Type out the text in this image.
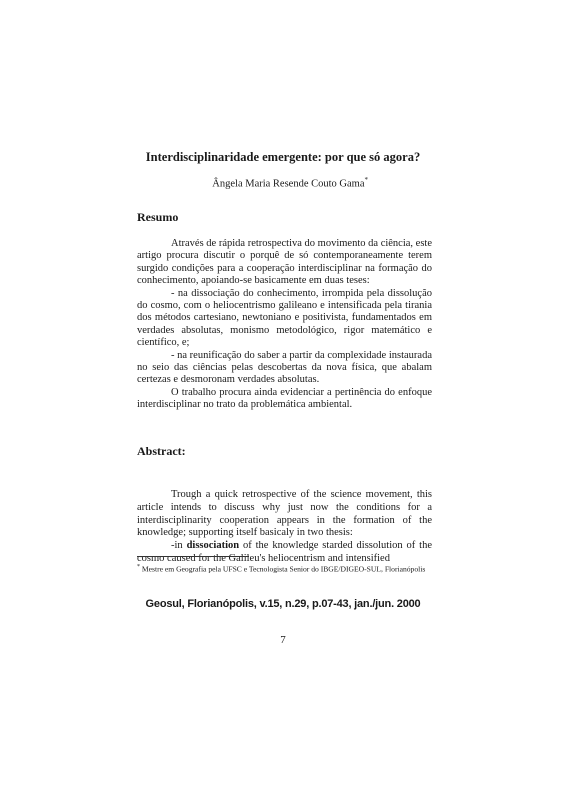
Interdisciplinaridade emergente: por que só agora?
Ângela Maria Resende Couto Gama*
Resumo

Através de rápida retrospectiva do movimento da ciência, este artigo procura discutir o porquê de só contemporaneamente terem surgido condições para a cooperação interdisciplinar na formação do conhecimento, apoiando-se basicamente em duas teses:

- na dissociação do conhecimento, irrompida pela dissolução do cosmo, com o heliocentrismo galileano e intensificada pela tirania dos métodos cartesiano, newtoniano e positivista, fundamentados em verdades absolutas, monismo metodológico, rigor matemático e científico, e;

- na reunificação do saber a partir da complexidade instaurada no seio das ciências pelas descobertas da nova física, que abalam certezas e desmoronam verdades absolutas.

O trabalho procura ainda evidenciar a pertinência do enfoque interdisciplinar no trato da problemática ambiental.

Abstract:

Trough a quick retrospective of the science movement, this article intends to discuss why just now the conditions for a interdisciplinarity cooperation appears in the formation of the knowledge; supporting itself basicaly in two thesis:

-in dissociation of the knowledge starded dissolution of the cosmo caused for the Galileu's heliocentrism and intensified

* Mestre em Geografia pela UFSC e Tecnologista Senior do IBGE/DIGEO-SUL, Florianópolis
Geosul, Florianópolis, v.15, n.29, p.07-43, jan./jun. 2000
7
